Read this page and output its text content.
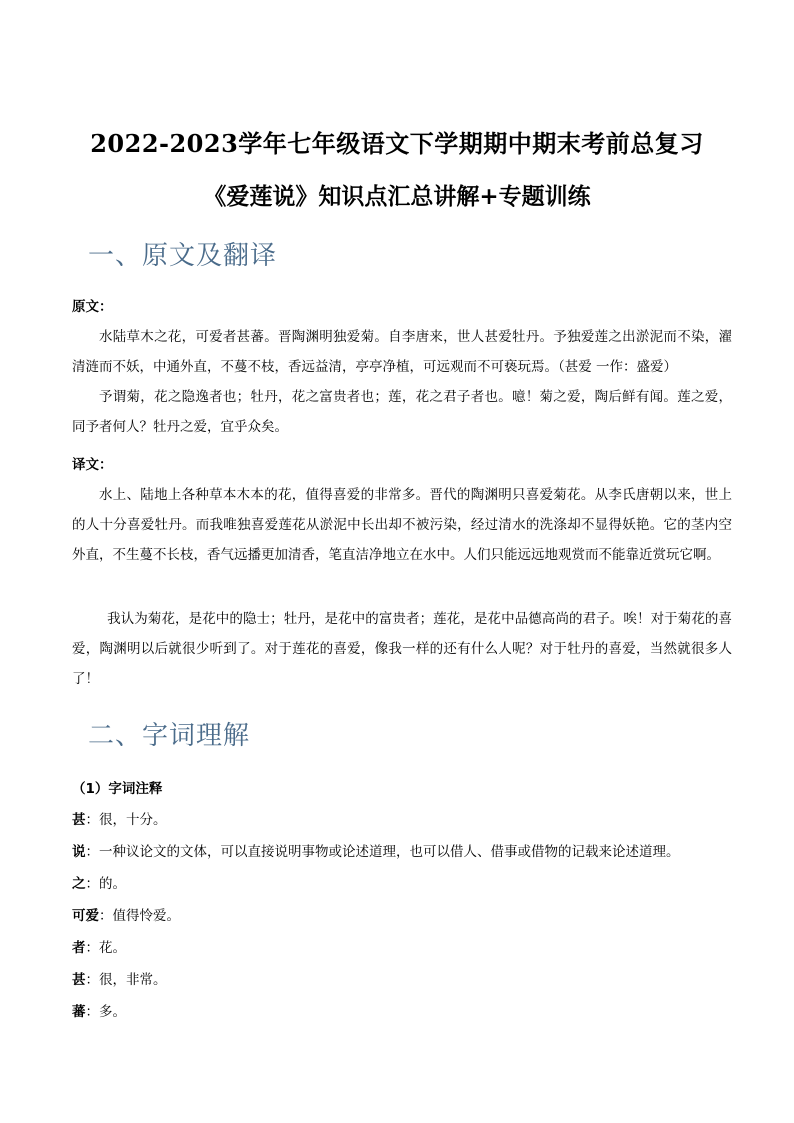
2022-2023学年七年级语文下学期期中期末考前总复习
《爱莲说》知识点汇总讲解+专题训练
一、原文及翻译
原文：
水陆草木之花，可爱者甚蕃。晋陶渊明独爱菊。自李唐来，世人甚爱牡丹。予独爱莲之出淤泥而不染，濯清涟而不妖，中通外直，不蔓不枝，香远益清，亭亭净植，可远观而不可亵玩焉。（甚爱 一作：盛爱）
予谓菊，花之隐逸者也；牡丹，花之富贵者也；莲，花之君子者也。噫！菊之爱，陶后鲜有闻。莲之爱，同予者何人？牡丹之爱，宜乎众矣。
译文：
水上、陆地上各种草本木本的花，值得喜爱的非常多。晋代的陶渊明只喜爱菊花。从李氏唐朝以来，世上的人十分喜爱牡丹。而我唯独喜爱莲花从淤泥中长出却不被污染，经过清水的洗涤却不显得妖艳。它的茎内空外直，不生蔓不长枝，香气远播更加清香，笔直洁净地立在水中。人们只能远远地观赏而不能靠近赏玩它啊。
我认为菊花，是花中的隐士；牡丹，是花中的富贵者；莲花，是花中品德高尚的君子。唉！对于菊花的喜爱，陶渊明以后就很少听到了。对于莲花的喜爱，像我一样的还有什么人呢？对于牡丹的喜爱，当然就很多人了！
二、字词理解
（1）字词注释
甚：很，十分。
说：一种议论文的文体，可以直接说明事物或论述道理，也可以借人、借事或借物的记载来论述道理。
之：的。
可爱：值得怜爱。
者：花。
甚：很，非常。
蕃：多。
